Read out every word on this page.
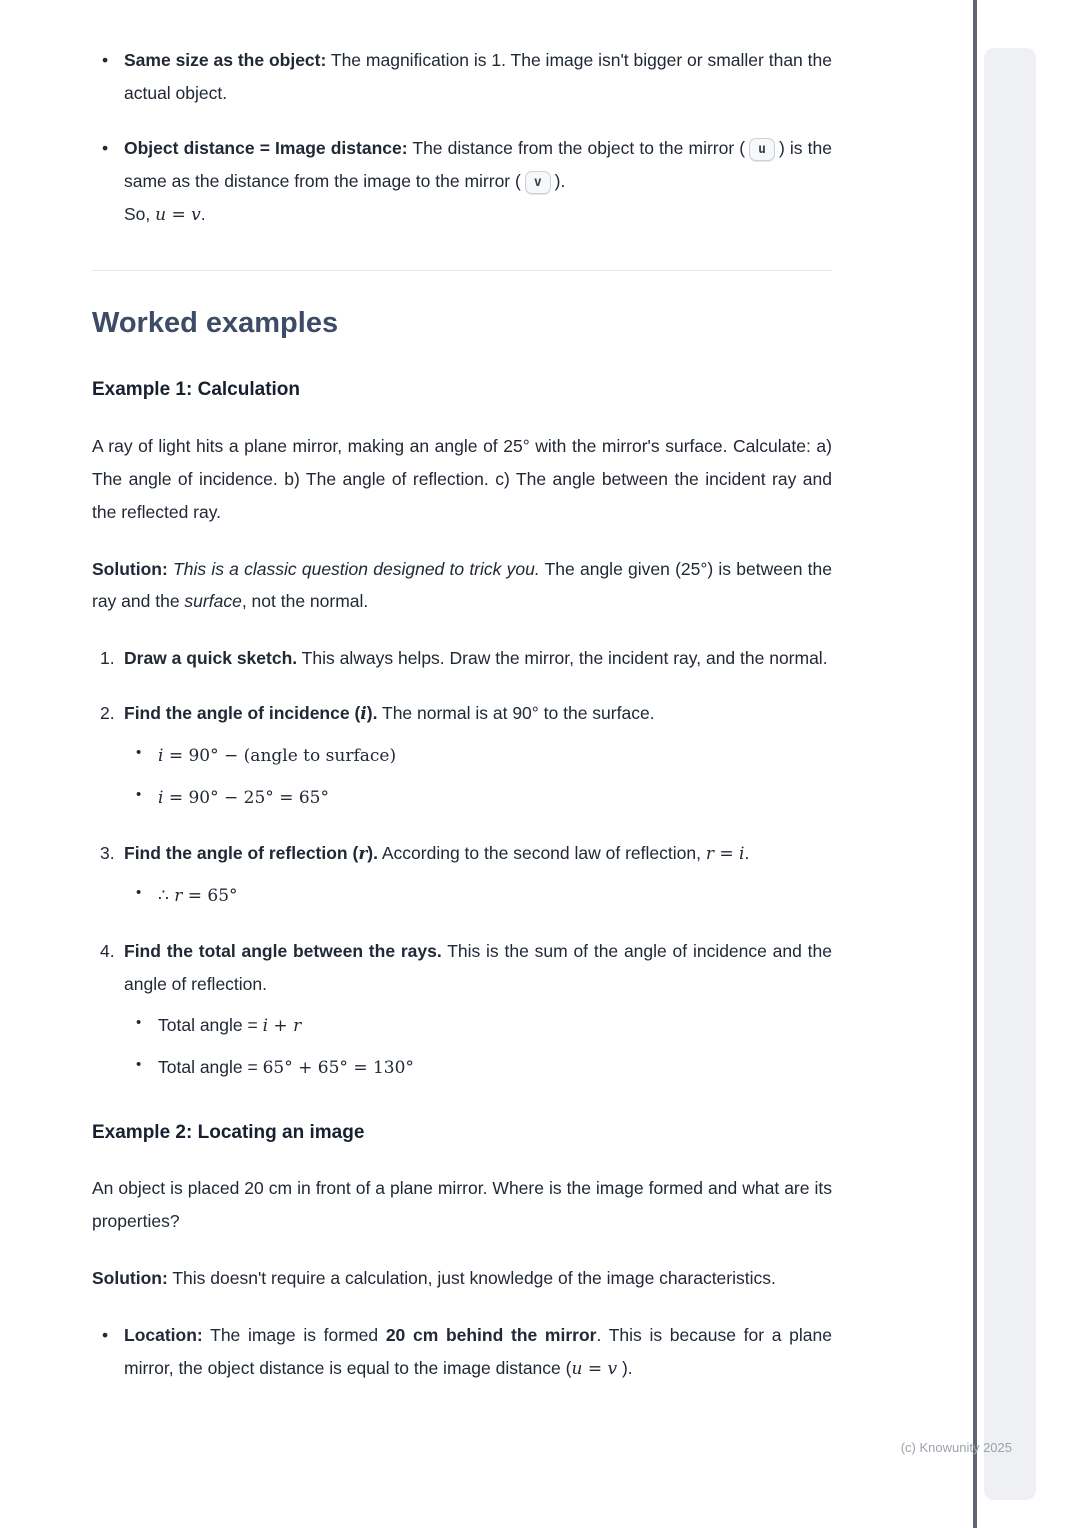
• Same size as the object: The magnification is 1. The image isn't bigger or smaller than the actual object.
• Object distance = Image distance: The distance from the object to the mirror ( u ) is the same as the distance from the image to the mirror ( v ).
So, u = v.
Worked examples
Example 1: Calculation

A ray of light hits a plane mirror, making an angle of 25° with the mirror's surface. Calculate: a) The angle of incidence. b) The angle of reflection. c) The angle between the incident ray and the reflected ray.

Solution: This is a classic question designed to trick you. The angle given (25°) is between the ray and the surface, not the normal.

1. Draw a quick sketch. This always helps. Draw the mirror, the incident ray, and the normal.
2. Find the angle of incidence (i). The normal is at 90° to the surface.
• i = 90° − (angle to surface)
• i = 90° − 25° = 65°
3. Find the angle of reflection (r). According to the second law of reflection, r = i.
• ∴ r = 65°
4. Find the total angle between the rays. This is the sum of the angle of incidence and the angle of reflection.
• Total angle = i + r
• Total angle = 65° + 65° = 130°
Example 2: Locating an image

An object is placed 20 cm in front of a plane mirror. Where is the image formed and what are its properties?

Solution: This doesn't require a calculation, just knowledge of the image characteristics.

• Location: The image is formed 20 cm behind the mirror. This is because for a plane mirror, the object distance is equal to the image distance (u = v ).
(c) Knowunity 2025
